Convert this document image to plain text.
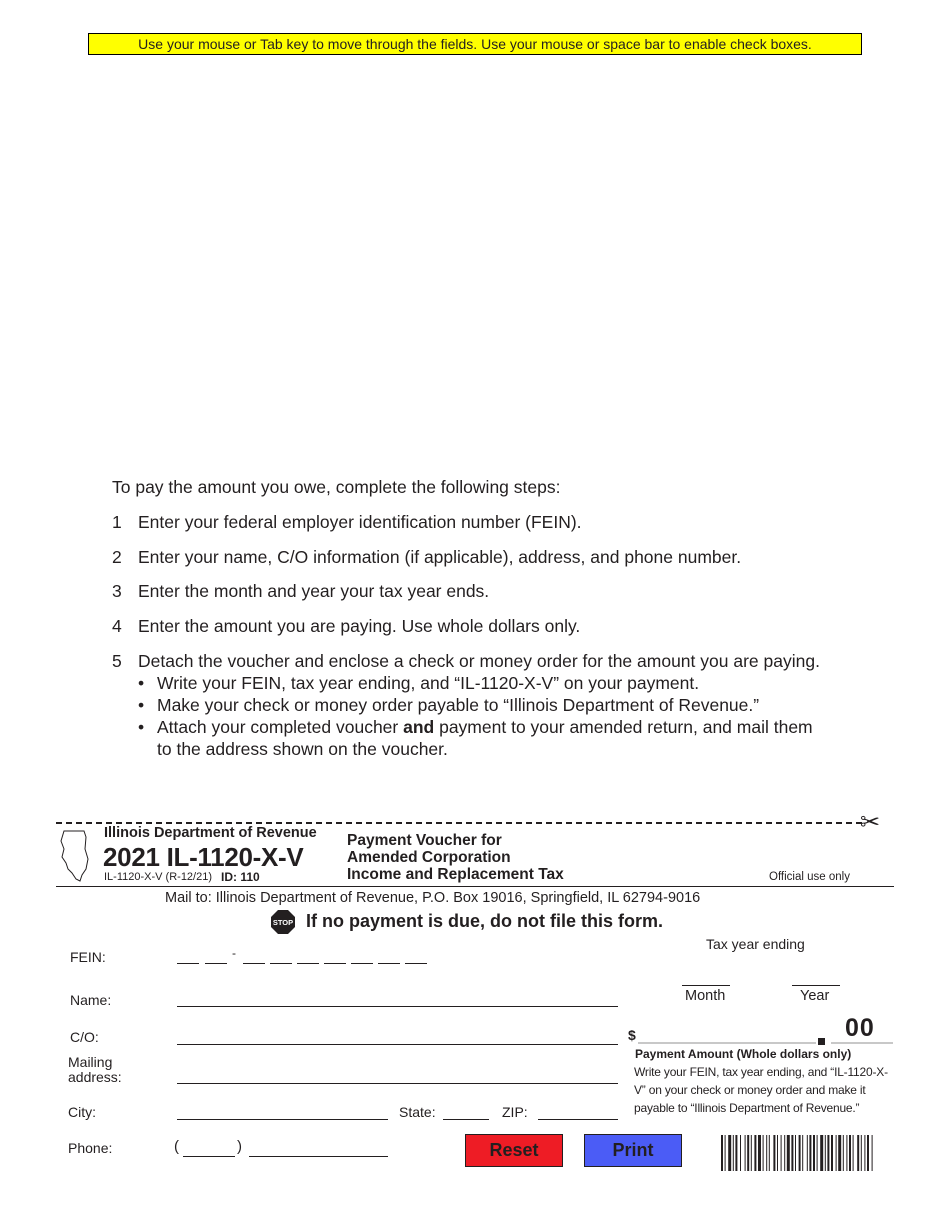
Use your mouse or Tab key to move through the fields. Use your mouse or space bar to enable check boxes.
To pay the amount you owe, complete the following steps:
1 Enter your federal employer identification number (FEIN).
2 Enter your name, C/O information (if applicable), address, and phone number.
3 Enter the month and year your tax year ends.
4 Enter the amount you are paying. Use whole dollars only.
5 Detach the voucher and enclose a check or money order for the amount you are paying.
• Write your FEIN, tax year ending, and “IL-1120-X-V” on your payment.
• Make your check or money order payable to “Illinois Department of Revenue.”
• Attach your completed voucher and payment to your amended return, and mail them
to the address shown on the voucher.
✂
Illinois Department of Revenue
2021 IL-1120-X-V
IL-1120-X-V (R-12/21) ID: 110
Payment Voucher for
Amended Corporation
Income and Replacement Tax	Official use only
Mail to: Illinois Department of Revenue, P.O. Box 19016, Springfield, IL 62794-9016
STOP If no payment is due, do not file this form.
FEIN:	-
Name:
C/O:
Mailing
address:
City:	State:	ZIP:
Phone:	(	)
Tax year ending
Month	Year
$	00
Payment Amount (Whole dollars only)
Write your FEIN, tax year ending, and “IL-1120-X-V” on your check or money order and make it payable to “Illinois Department of Revenue.”
Reset	Print
